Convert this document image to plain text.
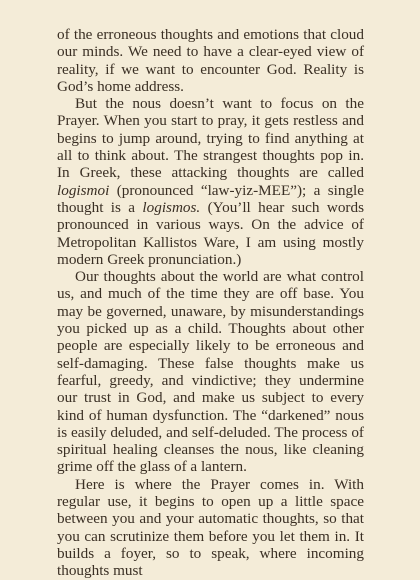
of the erroneous thoughts and emotions that cloud our minds. We need to have a clear-eyed view of reality, if we want to encounter God. Reality is God’s home address.

But the nous doesn’t want to focus on the Prayer. When you start to pray, it gets restless and begins to jump around, trying to find anything at all to think about. The strangest thoughts pop in. In Greek, these attacking thoughts are called logismoi (pronounced “law-yiz-MEE”); a single thought is a logismos. (You’ll hear such words pronounced in various ways. On the advice of Metropolitan Kallistos Ware, I am using mostly modern Greek pronunciation.)

Our thoughts about the world are what control us, and much of the time they are off base. You may be governed, unaware, by misunderstandings you picked up as a child. Thoughts about other people are especially likely to be erroneous and self-damaging. These false thoughts make us fearful, greedy, and vindictive; they undermine our trust in God, and make us subject to every kind of human dysfunction. The “darkened” nous is easily deluded, and self-deluded. The process of spiritual healing cleanses the nous, like cleaning grime off the glass of a lantern.

Here is where the Prayer comes in. With regular use, it begins to open up a little space between you and your automatic thoughts, so that you can scrutinize them before you let them in. It builds a foyer, so to speak, where incoming thoughts must
